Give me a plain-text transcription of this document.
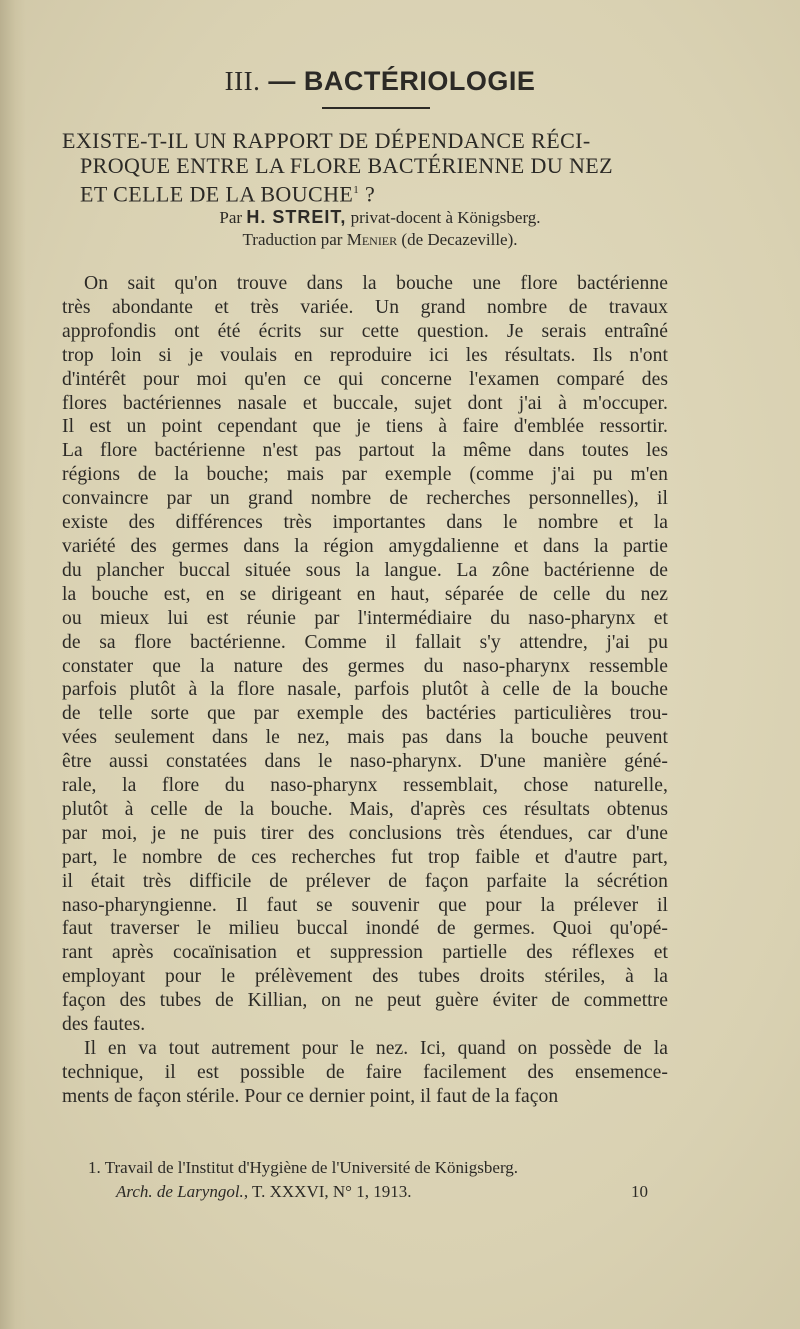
III. — BACTÉRIOLOGIE
EXISTE-T-IL UN RAPPORT DE DÉPENDANCE RÉCI-
PROQUE ENTRE LA FLORE BACTÉRIENNE DU NEZ
ET CELLE DE LA BOUCHE$^1$ ?
Par H. STREIT, privat-docent à Königsberg.
Traduction par Menier (de Decazeville).
On sait qu'on trouve dans la bouche une flore bactérienne
très abondante et très variée. Un grand nombre de travaux
approfondis ont été écrits sur cette question. Je serais entraîné
trop loin si je voulais en reproduire ici les résultats. Ils n'ont
d'intérêt pour moi qu'en ce qui concerne l'examen comparé des
flores bactériennes nasale et buccale, sujet dont j'ai à m'occuper.
Il est un point cependant que je tiens à faire d'emblée ressortir.
La flore bactérienne n'est pas partout la même dans toutes les
régions de la bouche; mais par exemple (comme j'ai pu m'en
convaincre par un grand nombre de recherches personnelles), il
existe des différences très importantes dans le nombre et la
variété des germes dans la région amygdalienne et dans la partie
du plancher buccal située sous la langue. La zône bactérienne de
la bouche est, en se dirigeant en haut, séparée de celle du nez
ou mieux lui est réunie par l'intermédiaire du naso-pharynx et
de sa flore bactérienne. Comme il fallait s'y attendre, j'ai pu
constater que la nature des germes du naso-pharynx ressemble
parfois plutôt à la flore nasale, parfois plutôt à celle de la bouche
de telle sorte que par exemple des bactéries particulières trou-
vées seulement dans le nez, mais pas dans la bouche peuvent
être aussi constatées dans le naso-pharynx. D'une manière géné-
rale, la flore du naso-pharynx ressemblait, chose naturelle,
plutôt à celle de la bouche. Mais, d'après ces résultats obtenus
par moi, je ne puis tirer des conclusions très étendues, car d'une
part, le nombre de ces recherches fut trop faible et d'autre part,
il était très difficile de prélever de façon parfaite la sécrétion
naso-pharyngienne. Il faut se souvenir que pour la prélever il
faut traverser le milieu buccal inondé de germes. Quoi qu'opé-
rant après cocaïnisation et suppression partielle des réflexes et
employant pour le prélèvement des tubes droits stériles, à la
façon des tubes de Killian, on ne peut guère éviter de commettre
des fautes.
Il en va tout autrement pour le nez. Ici, quand on possède de la
technique, il est possible de faire facilement des ensemence-
ments de façon stérile. Pour ce dernier point, il faut de la façon
1. Travail de l'Institut d'Hygiène de l'Université de Königsberg.
Arch. de Laryngol., T. XXXVI, N° 1, 1913.	10
